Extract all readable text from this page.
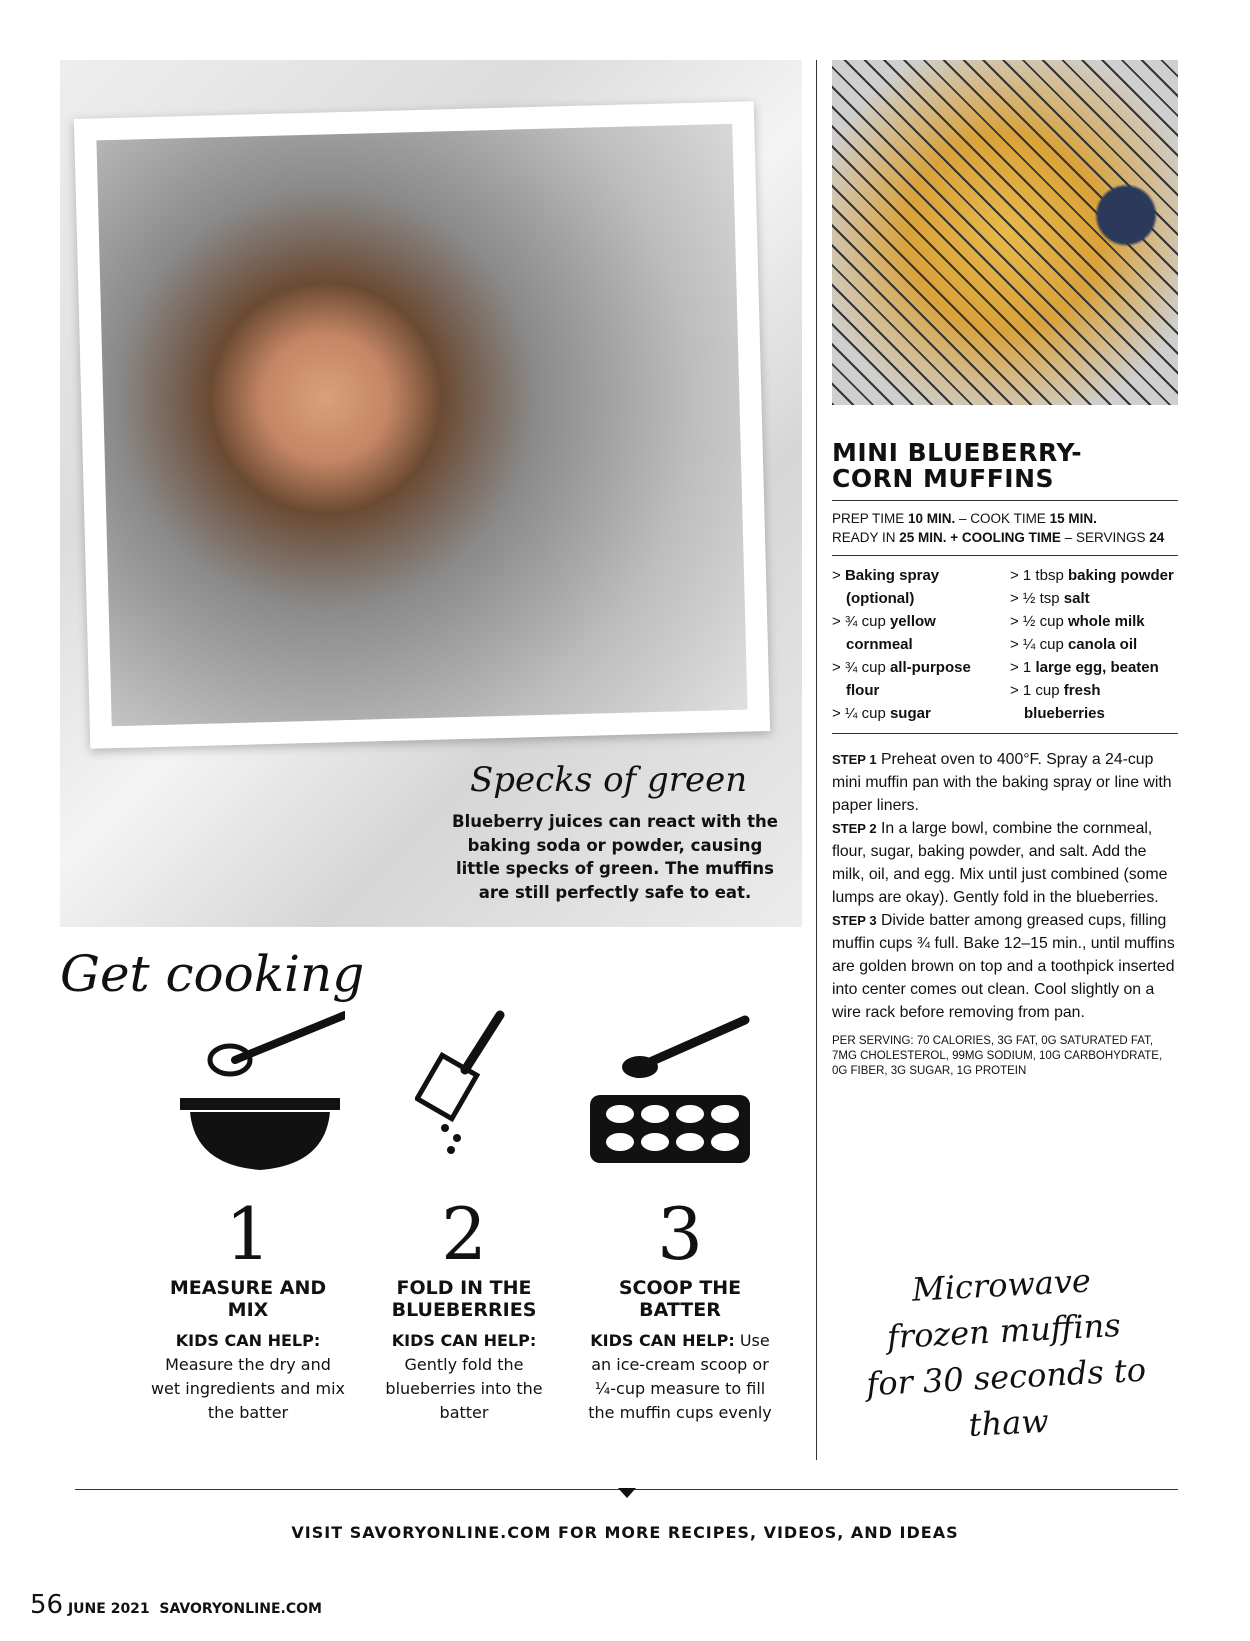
MINI BLUEBERRY-
CORN MUFFINS
PREP TIME 10 MIN. – COOK TIME 15 MIN.
READY IN 25 MIN. + COOLING TIME – SERVINGS 24
> Baking spray (optional)
> ¾ cup yellow cornmeal
> ¾ cup all-purpose flour
> ¼ cup sugar
> 1 tbsp baking powder
> ½ tsp salt
> ½ cup whole milk
> ¼ cup canola oil
> 1 large egg, beaten
> 1 cup fresh blueberries
STEP 1 Preheat oven to 400°F. Spray a 24-cup mini muffin pan with the baking spray or line with paper liners.
STEP 2 In a large bowl, combine the cornmeal, flour, sugar, baking powder, and salt. Add the milk, oil, and egg. Mix until just combined (some lumps are okay). Gently fold in the blueberries.
STEP 3 Divide batter among greased cups, filling muffin cups ¾ full. Bake 12–15 min., until muffins are golden brown on top and a toothpick inserted into center comes out clean. Cool slightly on a wire rack before removing from pan.
PER SERVING: 70 CALORIES, 3G FAT, 0G SATURATED FAT, 7MG CHOLESTEROL, 99MG SODIUM, 10G CARBOHYDRATE, 0G FIBER, 3G SUGAR, 1G PROTEIN
Specks of green
Blueberry juices can react with the baking soda or powder, causing little specks of green. The muffins are still perfectly safe to eat.
Get cooking
1
MEASURE AND MIX
KIDS CAN HELP: Measure the dry and wet ingredients and mix the batter
2
FOLD IN THE BLUEBERRIES
KIDS CAN HELP: Gently fold the blueberries into the batter
3
SCOOP THE BATTER
KIDS CAN HELP: Use an ice-cream scoop or ¼-cup measure to fill the muffin cups evenly
Microwave frozen muffins for 30 seconds to thaw
VISIT SAVORYONLINE.COM FOR MORE RECIPES, VIDEOS, AND IDEAS
56 JUNE 2021 SAVORYONLINE.COM
